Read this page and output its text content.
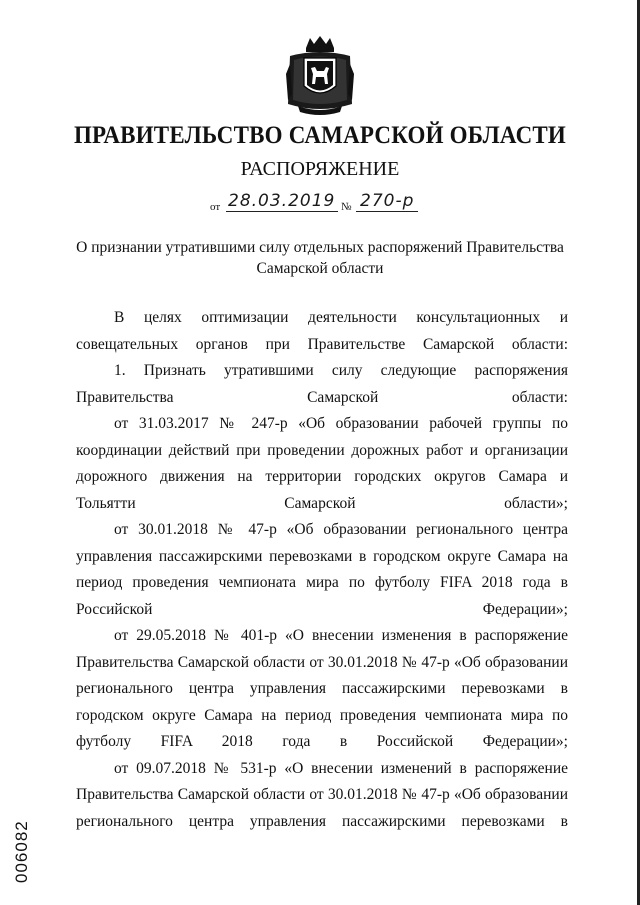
ПРАВИТЕЛЬСТВО САМАРСКОЙ ОБЛАСТИ
РАСПОРЯЖЕНИЕ
от 28.03.2019 № 270-р
О признании утратившими силу отдельных распоряжений Правительства Самарской области

В целях оптимизации деятельности консультационных и совещательных органов при Правительстве Самарской области:

1. Признать утратившими силу следующие распоряжения Правительства Самарской области:

от 31.03.2017 № 247-р «Об образовании рабочей группы по координации действий при проведении дорожных работ и организации дорожного движения на территории городских округов Самара и Тольятти Самарской области»;

от 30.01.2018 № 47-р «Об образовании регионального центра управления пассажирскими перевозками в городском округе Самара на период проведения чемпионата мира по футболу FIFA 2018 года в Российской Федерации»;

от 29.05.2018 № 401-р «О внесении изменения в распоряжение Правительства Самарской области от 30.01.2018 № 47-р «Об образовании регионального центра управления пассажирскими перевозками в городском округе Самара на период проведения чемпионата мира по футболу FIFA 2018 года в Российской Федерации»;

от 09.07.2018 № 531-р «О внесении изменений в распоряжение Правительства Самарской области от 30.01.2018 № 47-р «Об образовании регионального центра управления пассажирскими перевозками в

006082
